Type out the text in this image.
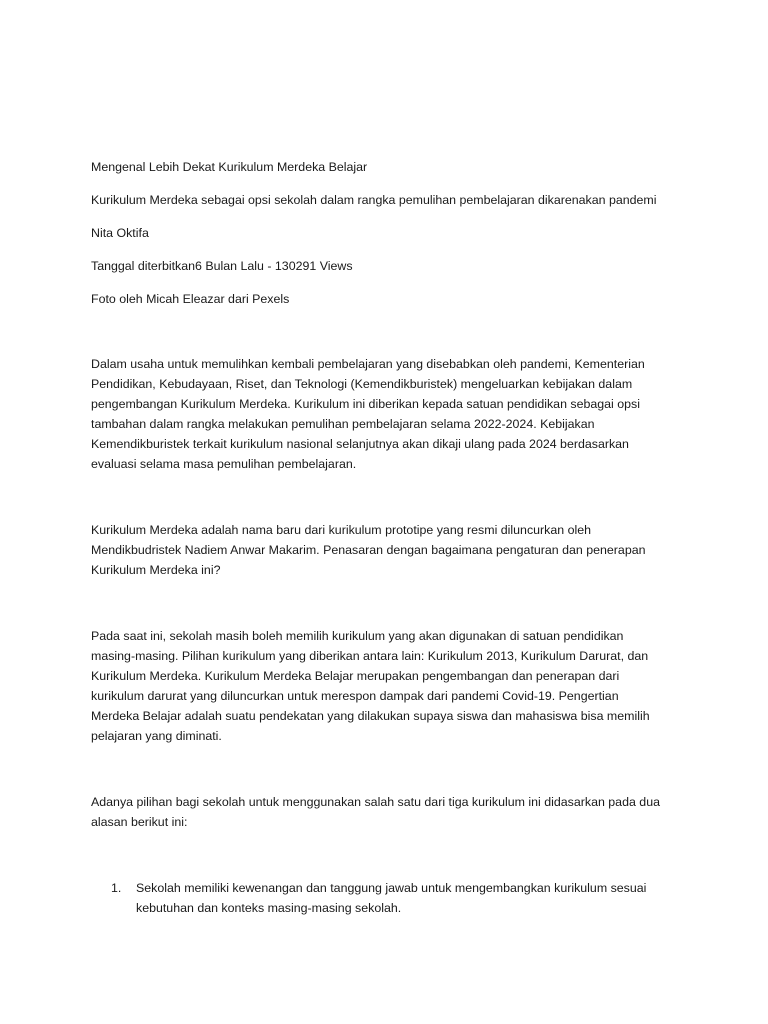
Mengenal Lebih Dekat Kurikulum Merdeka Belajar

Kurikulum Merdeka sebagai opsi sekolah dalam rangka pemulihan pembelajaran dikarenakan pandemi

Nita Oktifa

Tanggal diterbitkan6 Bulan Lalu - 130291 Views

Foto oleh Micah Eleazar dari Pexels

Dalam usaha untuk memulihkan kembali pembelajaran yang disebabkan oleh pandemi, Kementerian
Pendidikan, Kebudayaan, Riset, dan Teknologi (Kemendikburistek) mengeluarkan kebijakan dalam
pengembangan Kurikulum Merdeka. Kurikulum ini diberikan kepada satuan pendidikan sebagai opsi
tambahan dalam rangka melakukan pemulihan pembelajaran selama 2022-2024. Kebijakan
Kemendikburistek terkait kurikulum nasional selanjutnya akan dikaji ulang pada 2024 berdasarkan
evaluasi selama masa pemulihan pembelajaran.

Kurikulum Merdeka adalah nama baru dari kurikulum prototipe yang resmi diluncurkan oleh
Mendikbudristek Nadiem Anwar Makarim. Penasaran dengan bagaimana pengaturan dan penerapan
Kurikulum Merdeka ini?

Pada saat ini, sekolah masih boleh memilih kurikulum yang akan digunakan di satuan pendidikan
masing-masing. Pilihan kurikulum yang diberikan antara lain: Kurikulum 2013, Kurikulum Darurat, dan
Kurikulum Merdeka. Kurikulum Merdeka Belajar merupakan pengembangan dan penerapan dari
kurikulum darurat yang diluncurkan untuk merespon dampak dari pandemi Covid-19. Pengertian
Merdeka Belajar adalah suatu pendekatan yang dilakukan supaya siswa dan mahasiswa bisa memilih
pelajaran yang diminati.

Adanya pilihan bagi sekolah untuk menggunakan salah satu dari tiga kurikulum ini didasarkan pada dua
alasan berikut ini:

1. Sekolah memiliki kewenangan dan tanggung jawab untuk mengembangkan kurikulum sesuai
kebutuhan dan konteks masing-masing sekolah.
